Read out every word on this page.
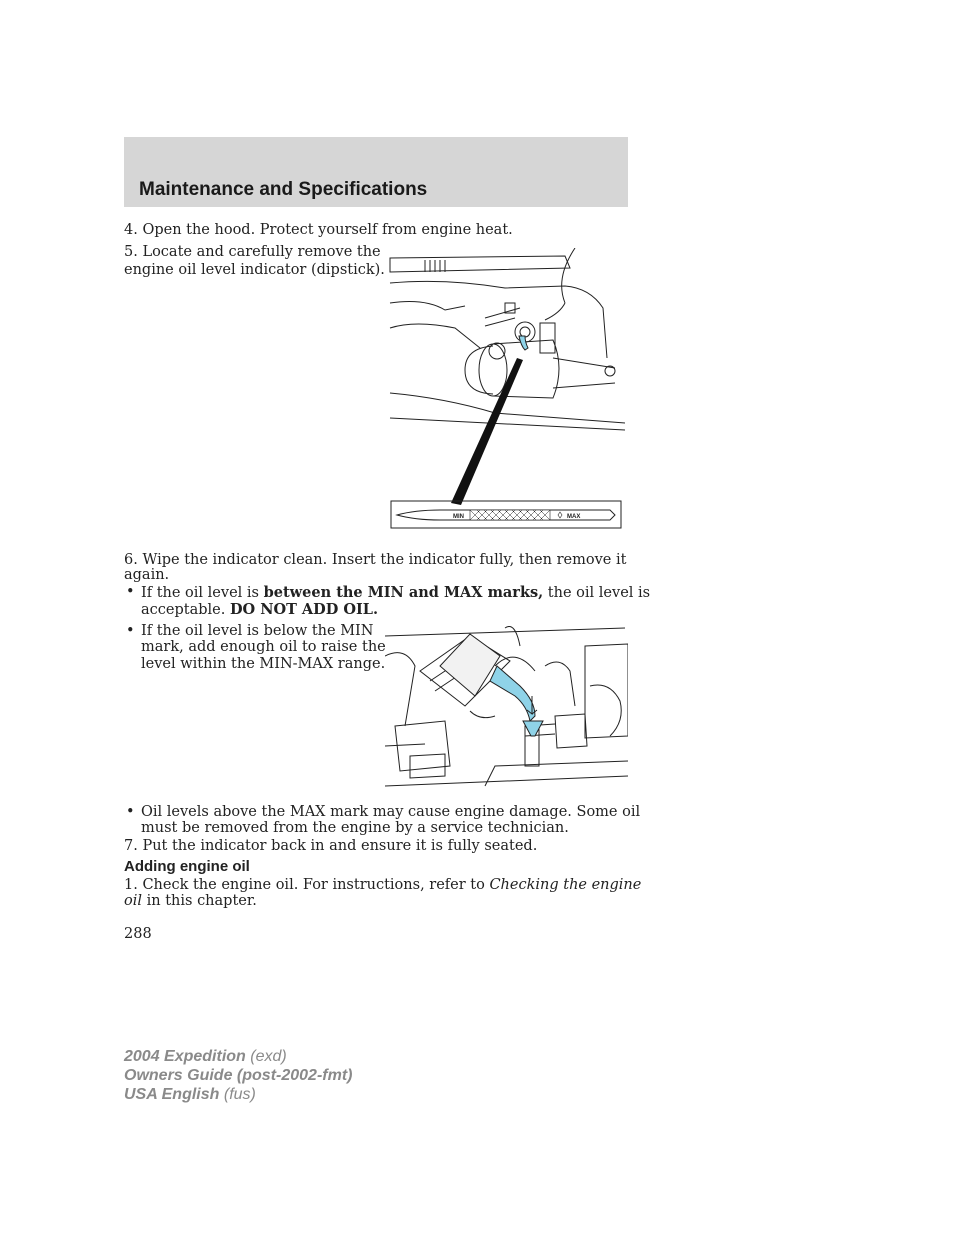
Maintenance and Specifications

4. Open the hood. Protect yourself from engine heat.

5. Locate and carefully remove the

engine oil level indicator (dipstick).

MIN	MAX

6. Wipe the indicator clean. Insert the indicator fully, then remove it

again.

• If the oil level is between the MIN and MAX marks, the oil level is

acceptable. DO NOT ADD OIL.

• If the oil level is below the MIN

mark, add enough oil to raise the

level within the MIN-MAX range.

• Oil levels above the MAX mark may cause engine damage. Some oil

must be removed from the engine by a service technician.

7. Put the indicator back in and ensure it is fully seated.

Adding engine oil

1. Check the engine oil. For instructions, refer to Checking the engine

oil in this chapter.

288

2004 Expedition (exd)
Owners Guide (post-2002-fmt)
USA English (fus)
